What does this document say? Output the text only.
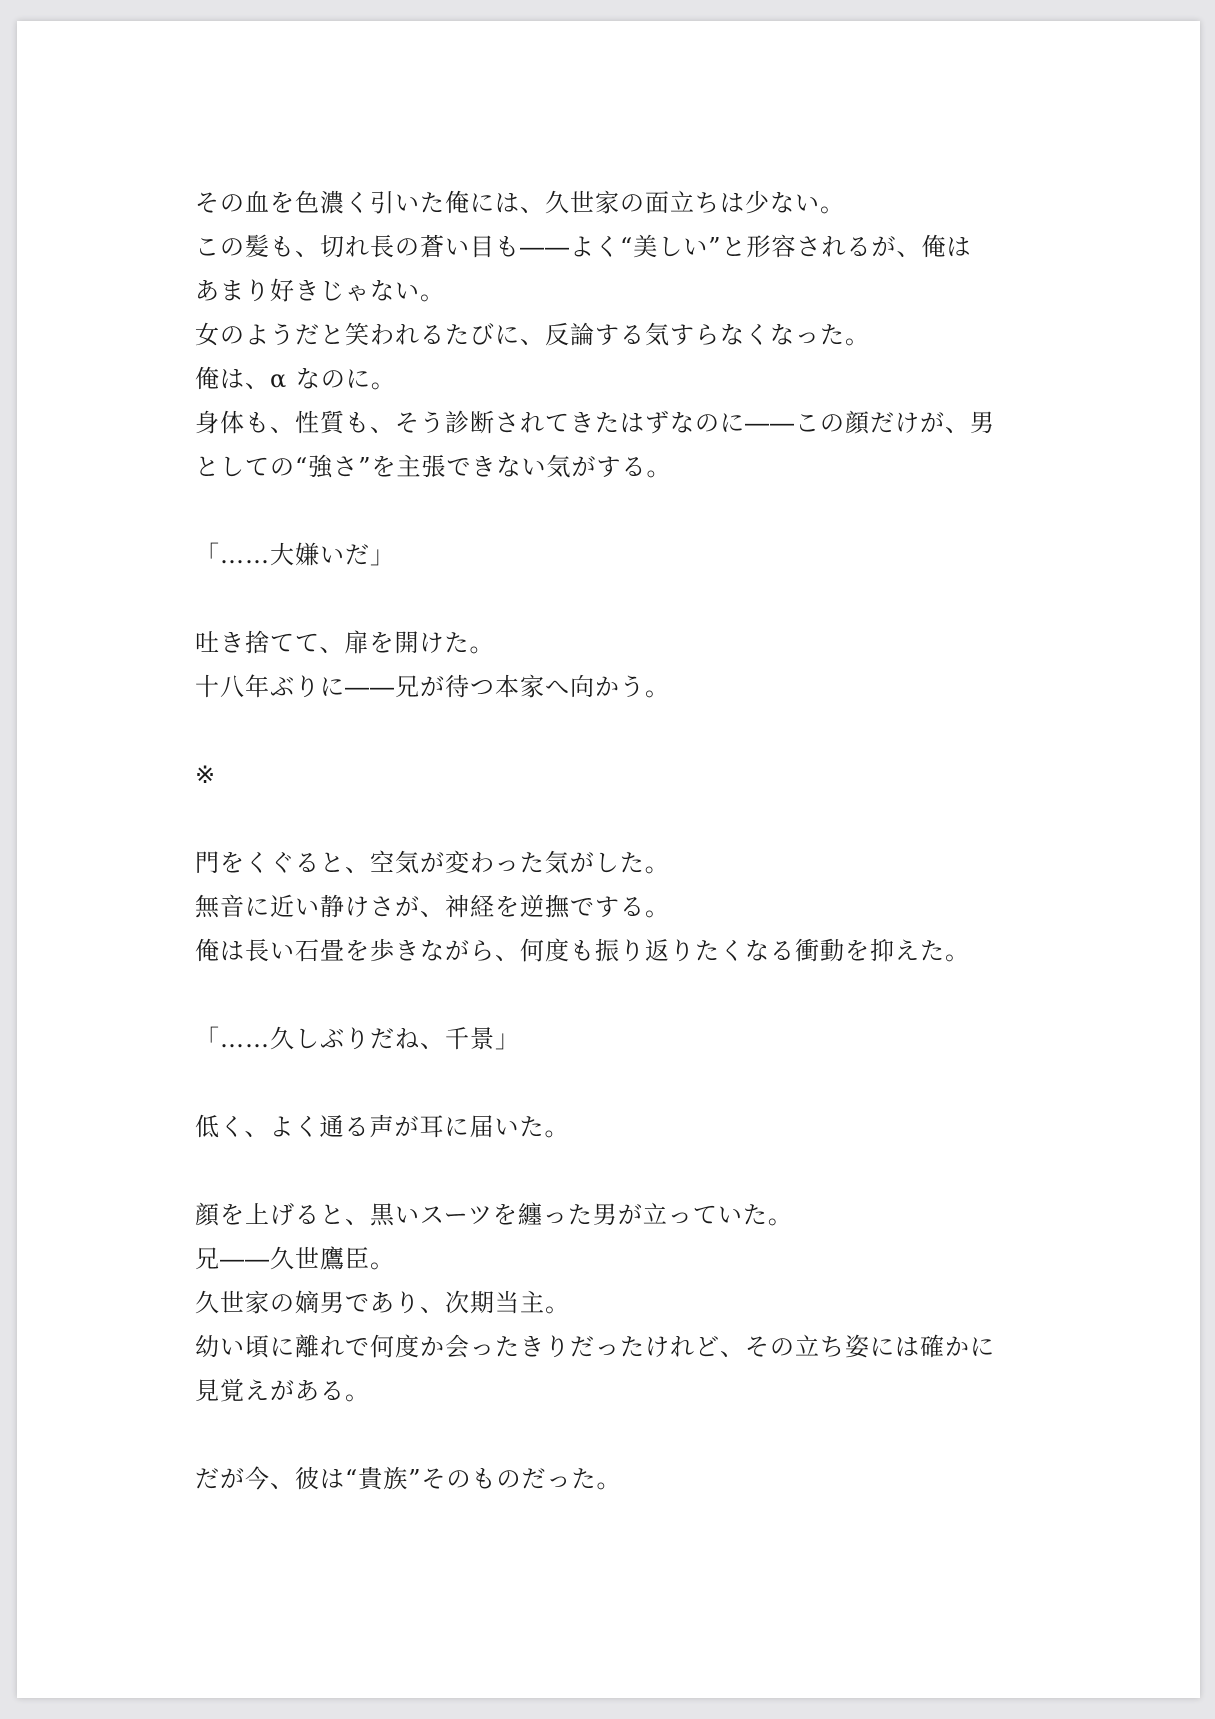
その血を色濃く引いた俺には、久世家の面立ちは少ない。
この髪も、切れ長の蒼い目も――よく“美しい”と形容されるが、俺は
あまり好きじゃない。
女のようだと笑われるたびに、反論する気すらなくなった。
俺は、α なのに。
身体も、性質も、そう診断されてきたはずなのに――この顔だけが、男
としての“強さ”を主張できない気がする。
「……大嫌いだ」
吐き捨てて、扉を開けた。
十八年ぶりに――兄が待つ本家へ向かう。
※
門をくぐると、空気が変わった気がした。
無音に近い静けさが、神経を逆撫でする。
俺は長い石畳を歩きながら、何度も振り返りたくなる衝動を抑えた。
「……久しぶりだね、千景」
低く、よく通る声が耳に届いた。
顔を上げると、黒いスーツを纏った男が立っていた。
兄――久世鷹臣。
久世家の嫡男であり、次期当主。
幼い頃に離れで何度か会ったきりだったけれど、その立ち姿には確かに
見覚えがある。
だが今、彼は“貴族”そのものだった。
